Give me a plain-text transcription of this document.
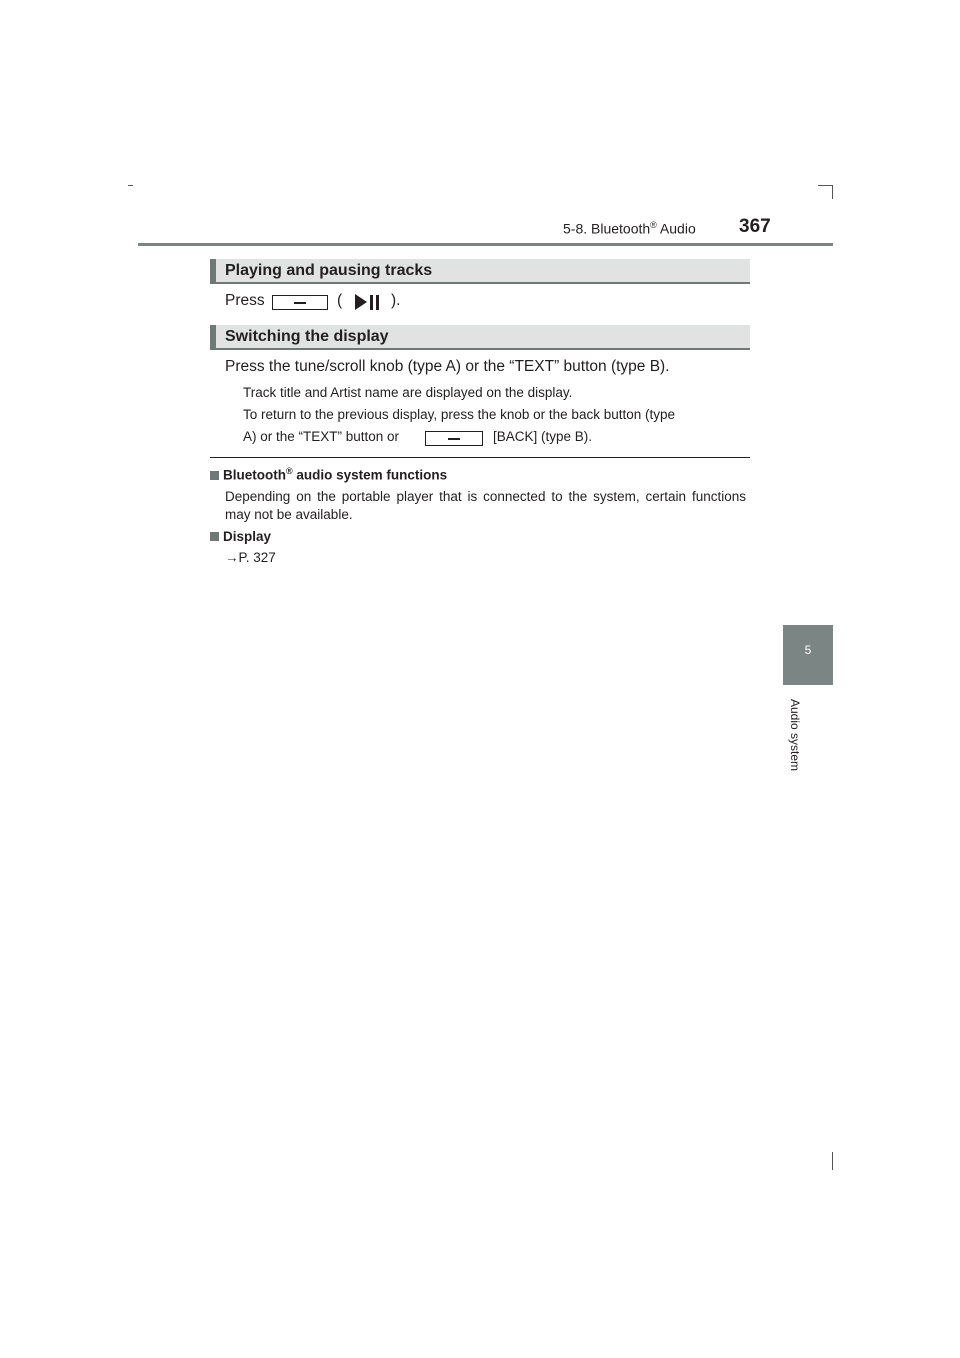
5-8. Bluetooth® Audio 367
5
Audio system
Playing and pausing tracks
Press	(	).
Switching the display
Press the tune/scroll knob (type A) or the “TEXT” button (type B).
Track title and Artist name are displayed on the display.
To return to the previous display, press the knob or the back button (type
A) or the “TEXT” button or	[BACK] (type B).
Bluetooth® audio system functions
Depending on the portable player that is connected to the system, certain functions may not be available.
Display
→P. 327
